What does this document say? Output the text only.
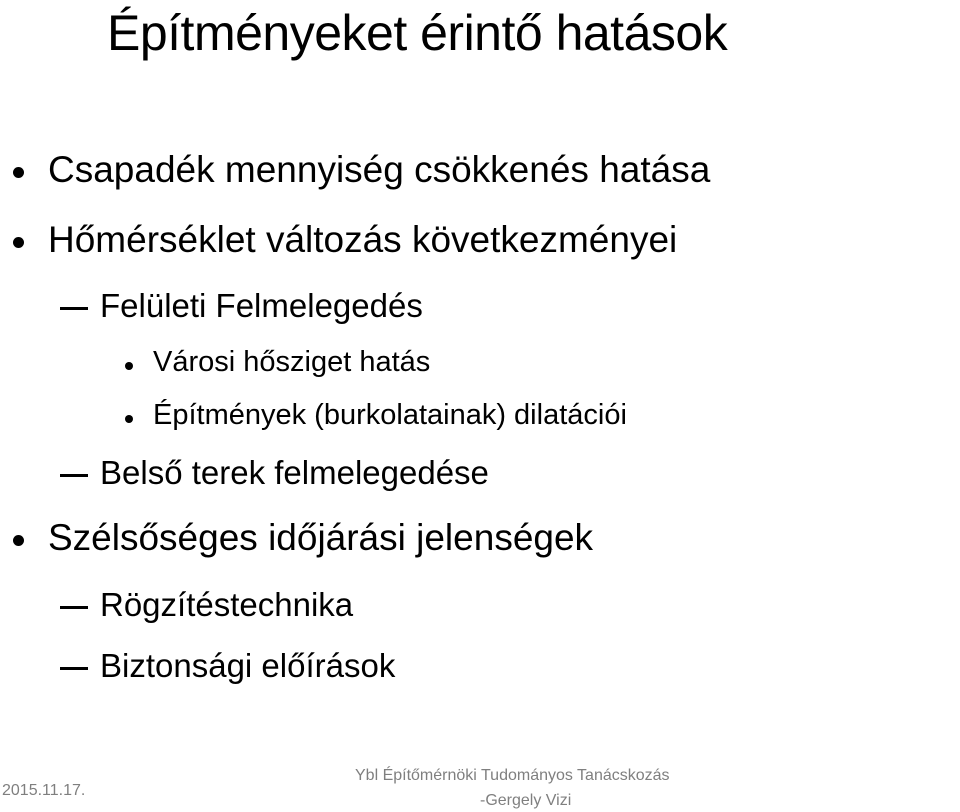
Építményeket érintő hatások
Csapadék mennyiség csökkenés hatása
Hőmérséklet változás következményei
Felületi Felmelegedés
Városi hősziget hatás
Építmények (burkolatainak) dilatációi
Belső terek felmelegedése
Szélsőséges időjárási jelenségek
Rögzítéstechnika
Biztonsági előírások
2015.11.17.
Ybl Építőmérnöki Tudományos Tanácskozás
-Gergely Vizi
